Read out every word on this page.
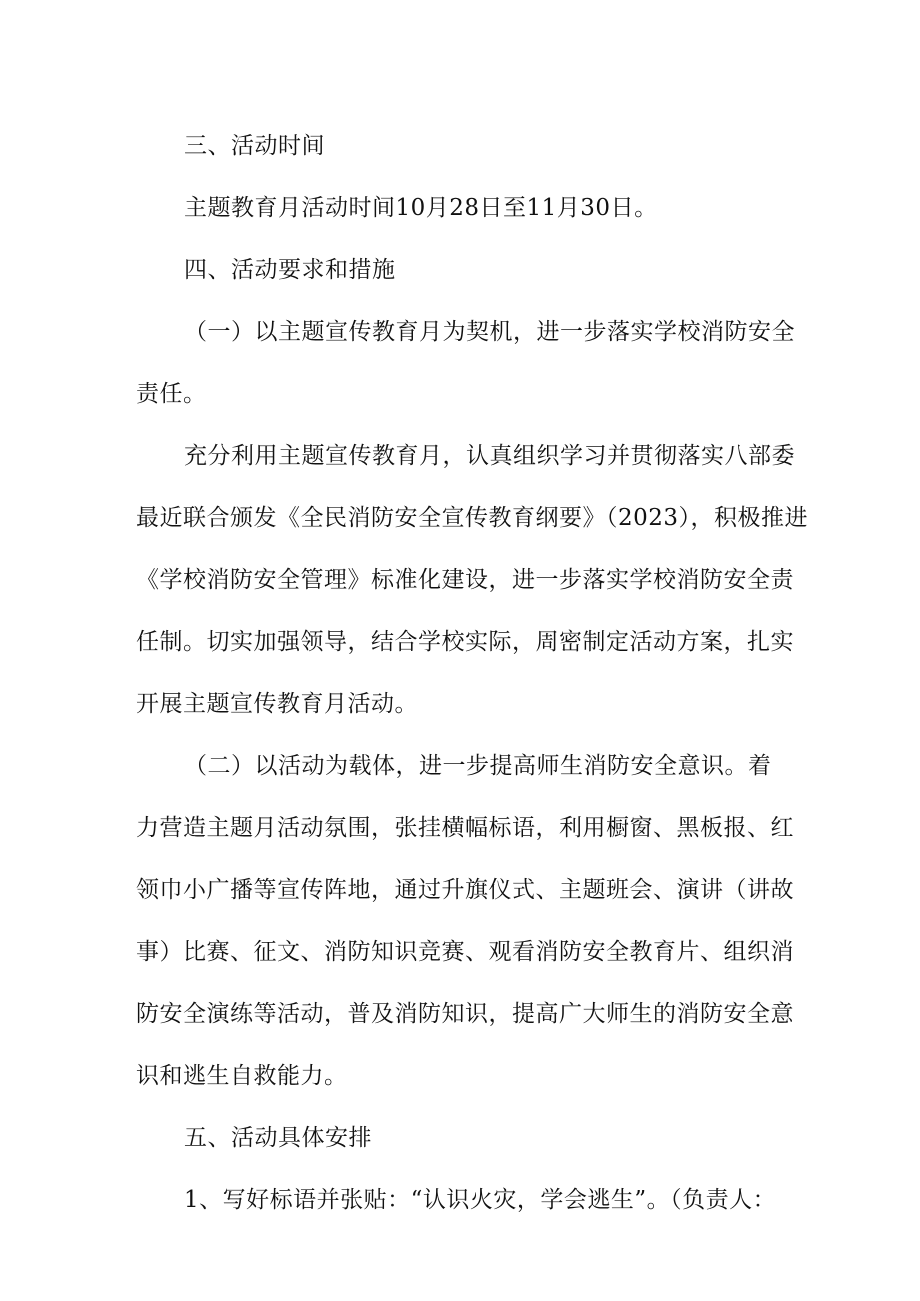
三、活动时间
主题教育月活动时间10月28日至11月30日。
四、活动要求和措施
（一）以主题宣传教育月为契机，进一步落实学校消防安全
责任。
充分利用主题宣传教育月，认真组织学习并贯彻落实八部委
最近联合颁发《全民消防安全宣传教育纲要》（2023），积极推进
《学校消防安全管理》标准化建设，进一步落实学校消防安全责
任制。切实加强领导，结合学校实际，周密制定活动方案，扎实
开展主题宣传教育月活动。
（二）以活动为载体，进一步提高师生消防安全意识。着
力营造主题月活动氛围，张挂横幅标语，利用橱窗、黑板报、红
领巾小广播等宣传阵地，通过升旗仪式、主题班会、演讲（讲故
事）比赛、征文、消防知识竞赛、观看消防安全教育片、组织消
防安全演练等活动，普及消防知识，提高广大师生的消防安全意
识和逃生自救能力。
五、活动具体安排
1、写好标语并张贴：“认识火灾，学会逃生”。（负责人：
